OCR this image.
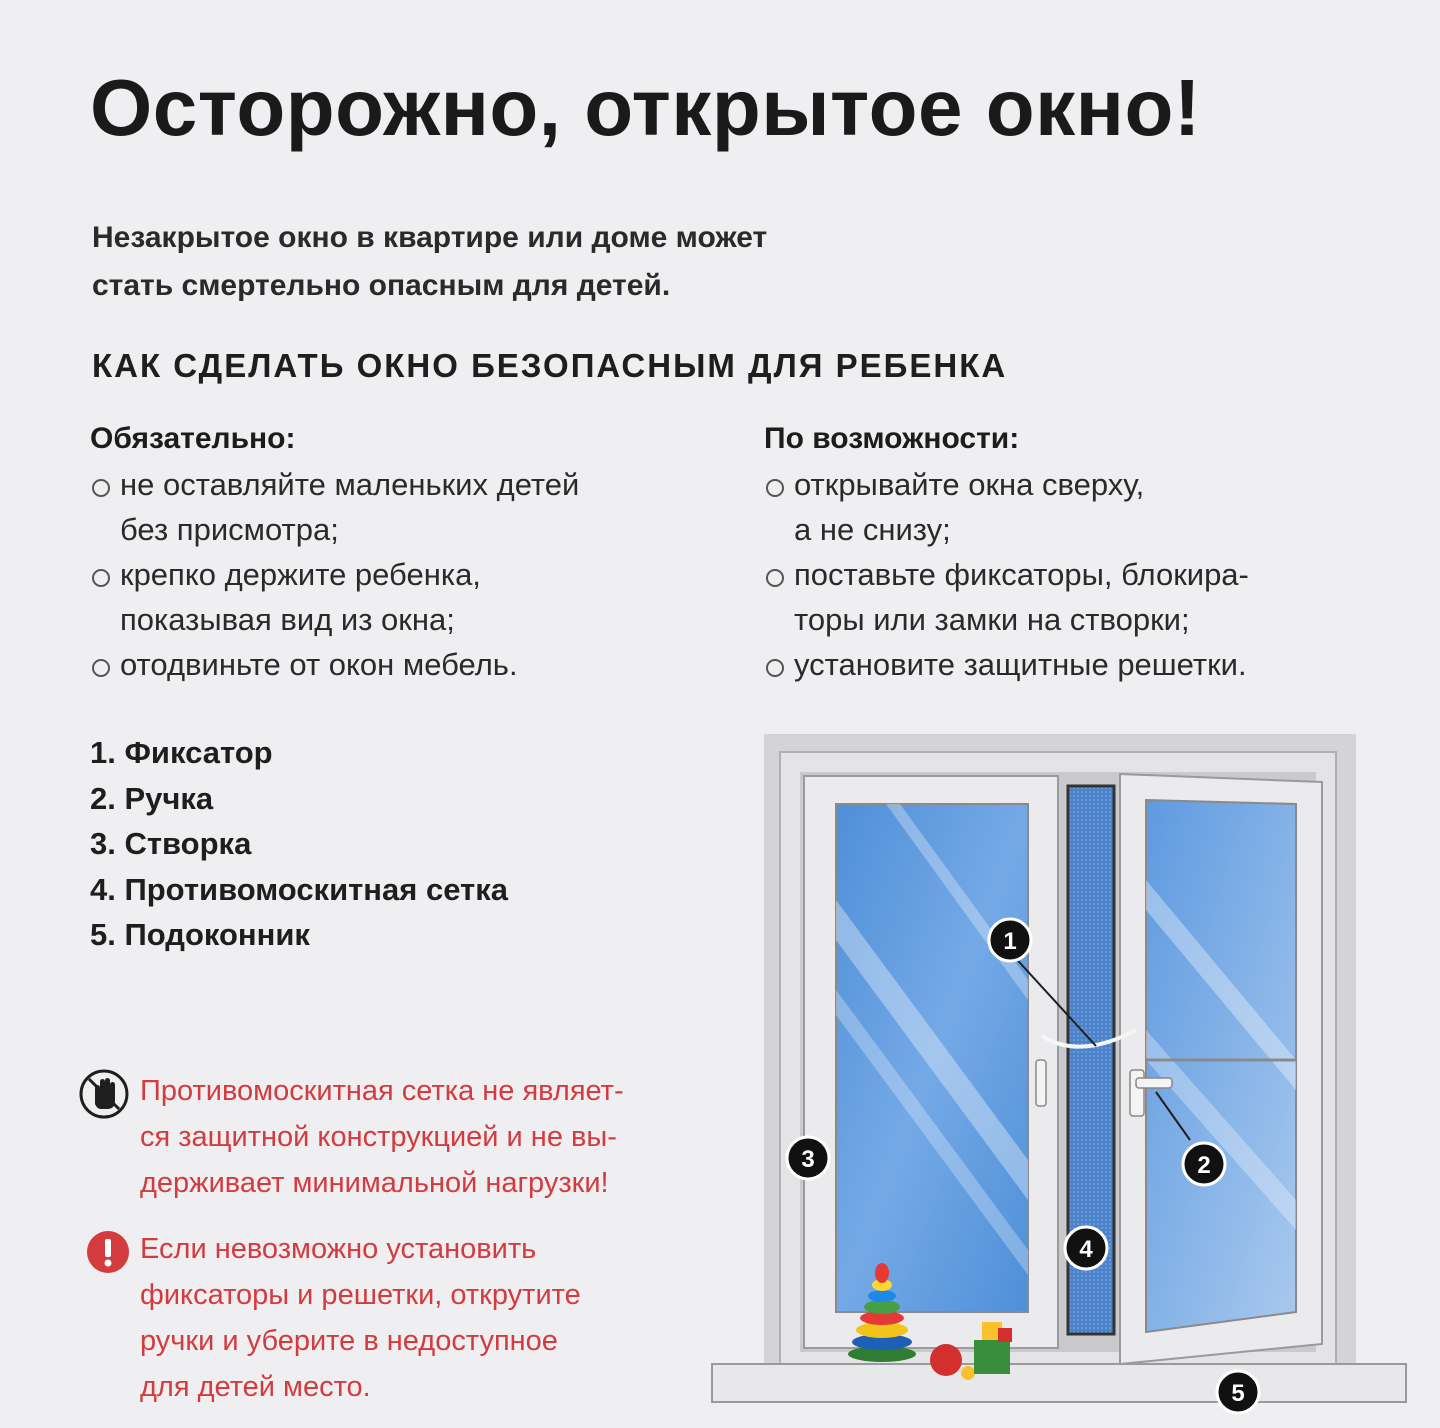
Осторожно, открытое окно!
Незакрытое окно в квартире или доме может
стать смертельно опасным для детей.
КАК СДЕЛАТЬ ОКНО БЕЗОПАСНЫМ ДЛЯ РЕБЕНКА
Обязательно:
не оставляйте маленьких детей
без присмотра;
крепко держите ребенка,
показывая вид из окна;
отодвиньте от окон мебель.
По возможности:
открывайте окна сверху,
а не снизу;
поставьте фиксаторы, блокира-
торы или замки на створки;
установите защитные решетки.
1. Фиксатор
2. Ручка
3. Створка
4. Противомоскитная сетка
5. Подоконник
Противомоскитная сетка не являет-
ся защитной конструкцией и не вы-
держивает минимальной нагрузки!
Если невозможно установить
фиксаторы и решетки, открутите
ручки и уберите в недоступное
для детей место.
1
2
3
4
5
